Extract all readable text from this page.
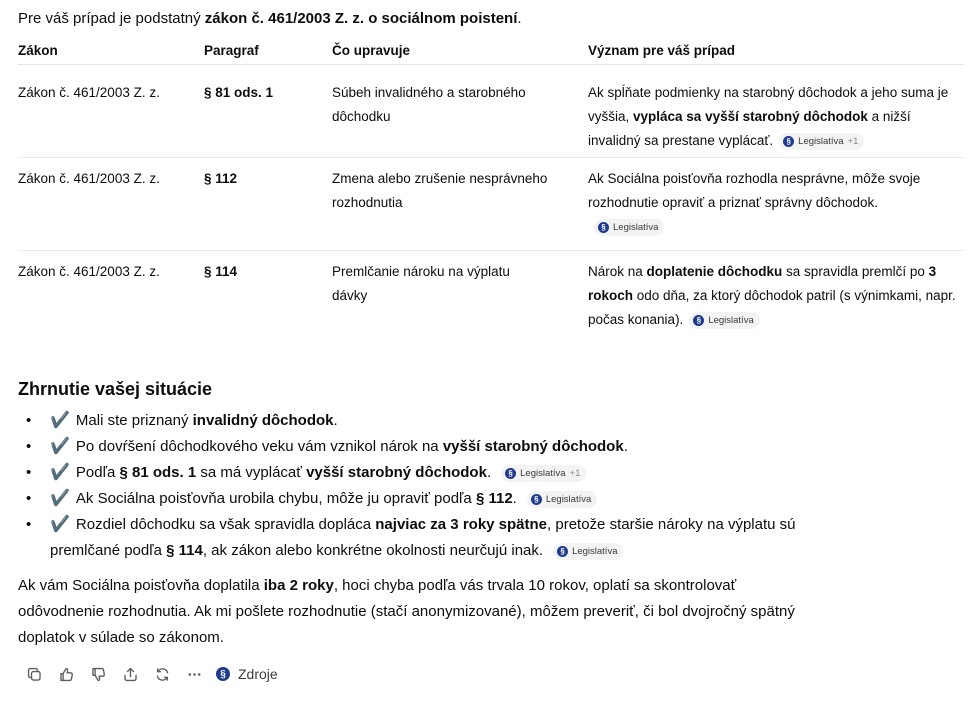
Pre váš prípad je podstatný zákon č. 461/2003 Z. z. o sociálnom poistení.

Zákon	Paragraf	Čo upravuje	Význam pre váš prípad
Zákon č. 461/2003 Z. z.	§ 81 ods. 1	Súbeh invalidného a starobného dôchodku	Ak spĺňate podmienky na starobný dôchodok a jeho suma je vyššia, vypláca sa vyšší starobný dôchodok a nižší invalidný sa prestane vyplácať. § Legislatíva +1

Zákon č. 461/2003 Z. z.	§ 112	Zmena alebo zrušenie nesprávneho rozhodnutia	Ak Sociálna poisťovňa rozhodla nesprávne, môže svoje rozhodnutie opraviť a priznať správny dôchodok.

§ Legislatíva

Zákon č. 461/2003 Z. z.	§ 114	Premlčanie nároku na výplatu dávky	Nárok na doplatenie dôchodku sa spravidla premlčí po 3 rokoch odo dňa, za ktorý dôchodok patril (s výnimkami, napr. počas konania). § Legislatíva
Zhrnutie vašej situácie
• ✔️ Mali ste priznaný invalidný dôchodok.
• ✔️ Po dovŕšení dôchodkového veku vám vznikol nárok na vyšší starobný dôchodok.
• ✔️ Podľa § 81 ods. 1 sa má vyplácať vyšší starobný dôchodok.	§ Legislatíva +1
• ✔️ Ak Sociálna poisťovňa urobila chybu, môže ju opraviť podľa § 112.	§ Legislatíva
• ✔️ Rozdiel dôchodku sa však spravidla dopláca najviac za 3 roky spätne, pretože staršie nároky na výplatu sú premlčané podľa § 114, ak zákon alebo konkrétne okolnosti neurčujú inak.	§ Legislatíva

Ak vám Sociálna poisťovňa doplatila iba 2 roky, hoci chyba podľa vás trvala 10 rokov, oplatí sa skontrolovať odôvodnenie rozhodnutia. Ak mi pošlete rozhodnutie (stačí anonymizované), môžem preveriť, či bol dvojročný spätný doplatok v súlade so zákonom.

§ Zdroje
